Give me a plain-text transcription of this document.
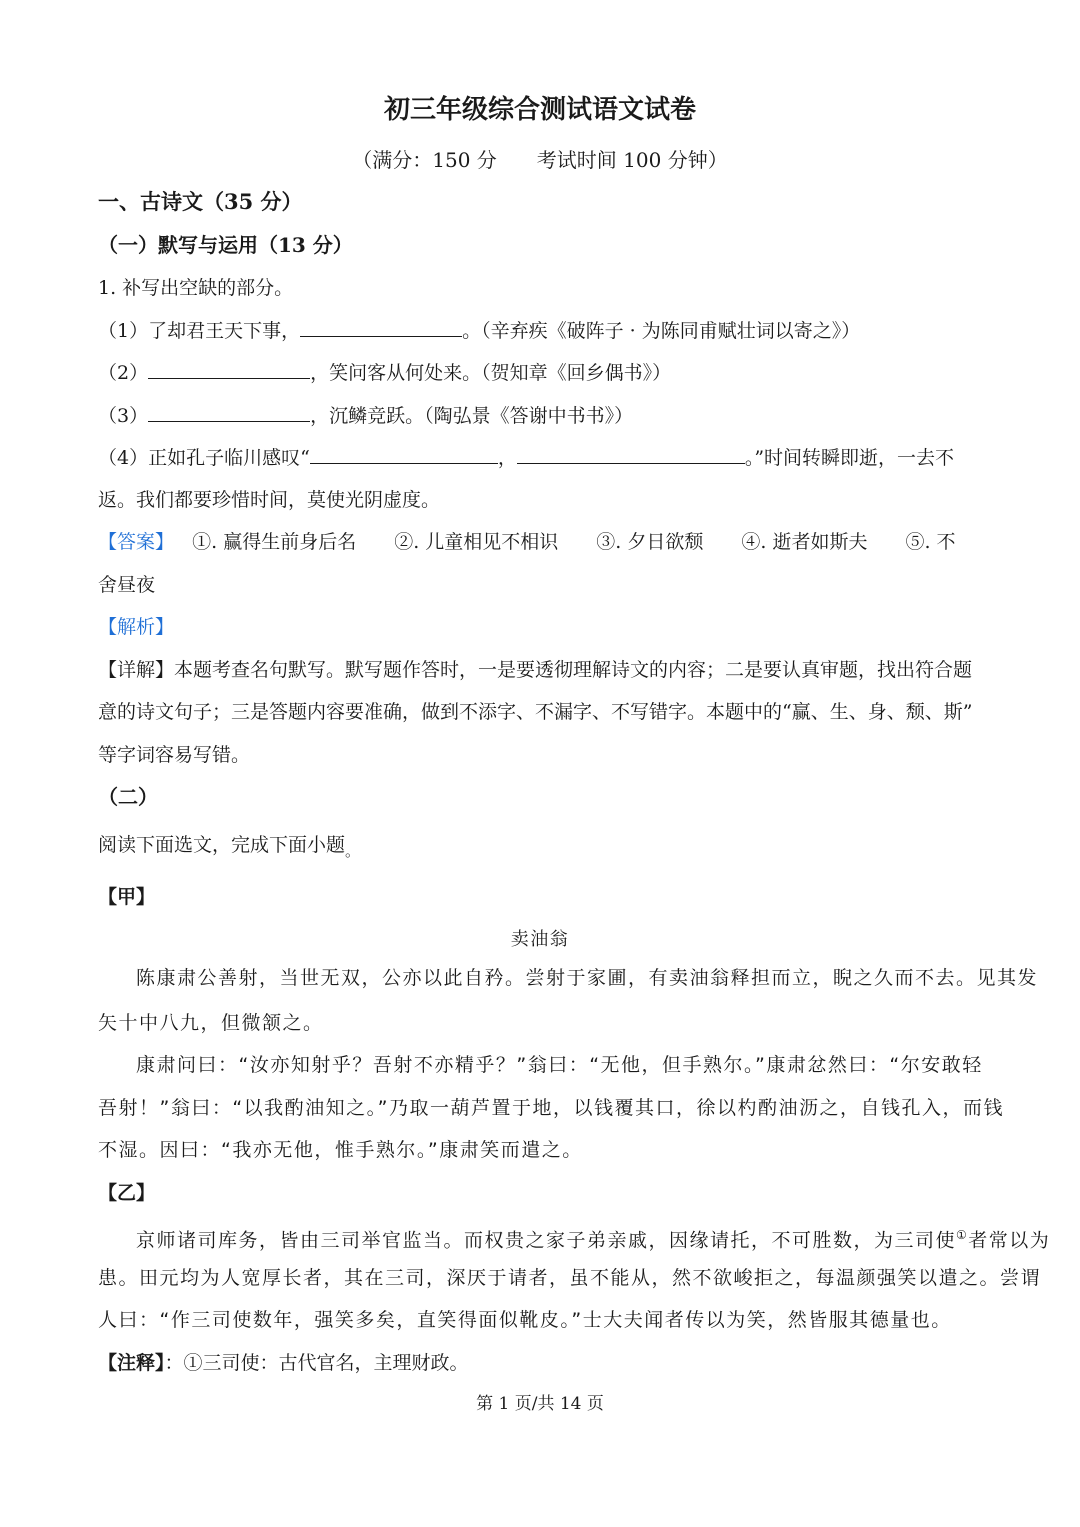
初三年级综合测试语文试卷
（满分：150 分　　考试时间 100 分钟）
一、古诗文（35 分）
（一）默写与运用（13 分）
1. 补写出空缺的部分。
（1）了却君王天下事，	。（辛弃疾《破阵子 · 为陈同甫赋壮词以寄之》）
（2）	，笑问客从何处来。（贺知章《回乡偶书》）
（3）	，沉鳞竞跃。（陶弘景《答谢中书书》）
（4）正如孔子临川感叹“	，	。”时间转瞬即逝，一去不
返。我们都要珍惜时间，莫使光阴虚度。
【答案】 ①. 赢得生前身后名　　②. 儿童相见不相识　　③. 夕日欲颓　　④. 逝者如斯夫　　⑤. 不
舍昼夜
【解析】
【详解】本题考查名句默写。默写题作答时，一是要透彻理解诗文的内容；二是要认真审题，找出符合题
意的诗文句子；三是答题内容要准确，做到不添字、不漏字、不写错字。本题中的“赢、生、身、颓、斯”
等字词容易写错。
（二）
阅读下面选文，完成下面小题$_。$
【甲】
卖油翁
陈康肃公善射，当世无双，公亦以此自矜。尝射于家圃，有卖油翁释担而立，睨之久而不去。见其发
矢十中八九，但微颔之。
康肃问曰：“汝亦知射乎？吾射不亦精乎？”翁曰：“无他，但手熟尔。”康肃忿然曰：“尔安敢轻
吾射！”翁曰：“以我酌油知之。”乃取一葫芦置于地，以钱覆其口，徐以杓酌油沥之，自钱孔入，而钱
不湿。因曰：“我亦无他，惟手熟尔。”康肃笑而遣之。
【乙】
京师诸司库务，皆由三司举官监当。而权贵之家子弟亲戚，因缘请托，不可胜数，为三司使①者常以为
患。田元均为人宽厚长者，其在三司，深厌于请者，虽不能从，然不欲峻拒之，每温颜强笑以遣之。尝谓
人曰：“作三司使数年，强笑多矣，直笑得面似靴皮。”士大夫闻者传以为笑，然皆服其德量也。
【注释】：①三司使：古代官名，主理财政。
第 1 页/共 14 页
